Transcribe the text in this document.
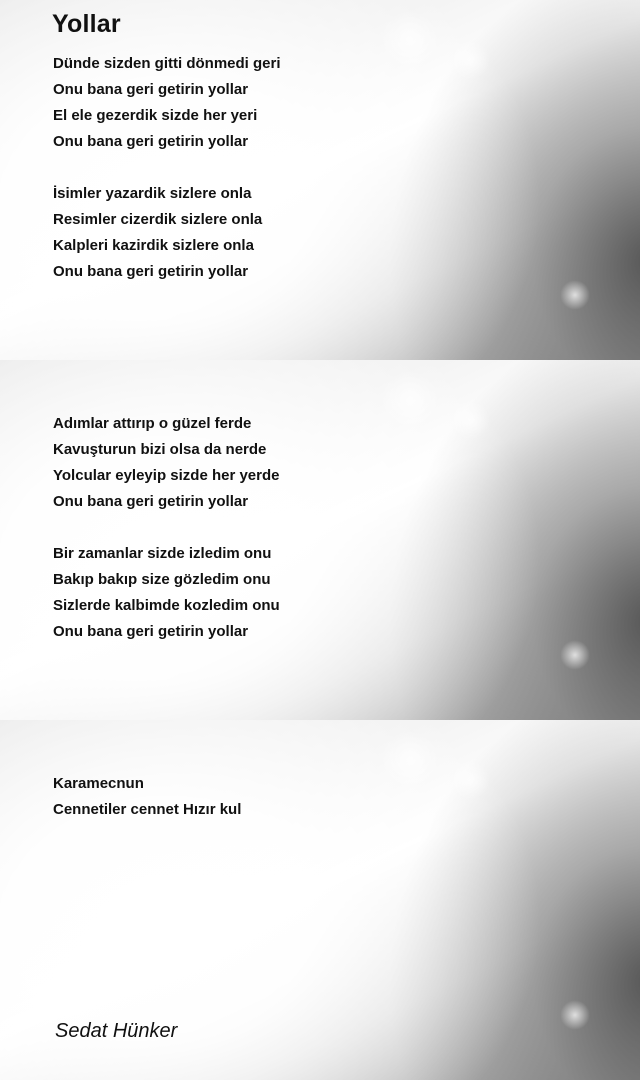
Yollar
Dünde sizden gitti dönmedi geri
Onu bana geri getirin yollar
El ele gezerdik sizde her yeri
Onu bana geri getirin yollar
İsimler yazardik sizlere onla
Resimler cizerdik sizlere onla
Kalpleri kazirdik sizlere onla
Onu bana geri getirin yollar
Adımlar attırıp o güzel ferde
Kavuşturun bizi olsa da nerde
Yolcular eyleyip sizde her yerde
Onu bana geri getirin yollar
Bir zamanlar sizde izledim onu
Bakıp bakıp size gözledim onu
Sizlerde kalbimde kozledim onu
Onu bana geri getirin yollar
Karamecnun
Cennetiler cennet Hızır kul
Sedat Hünker
